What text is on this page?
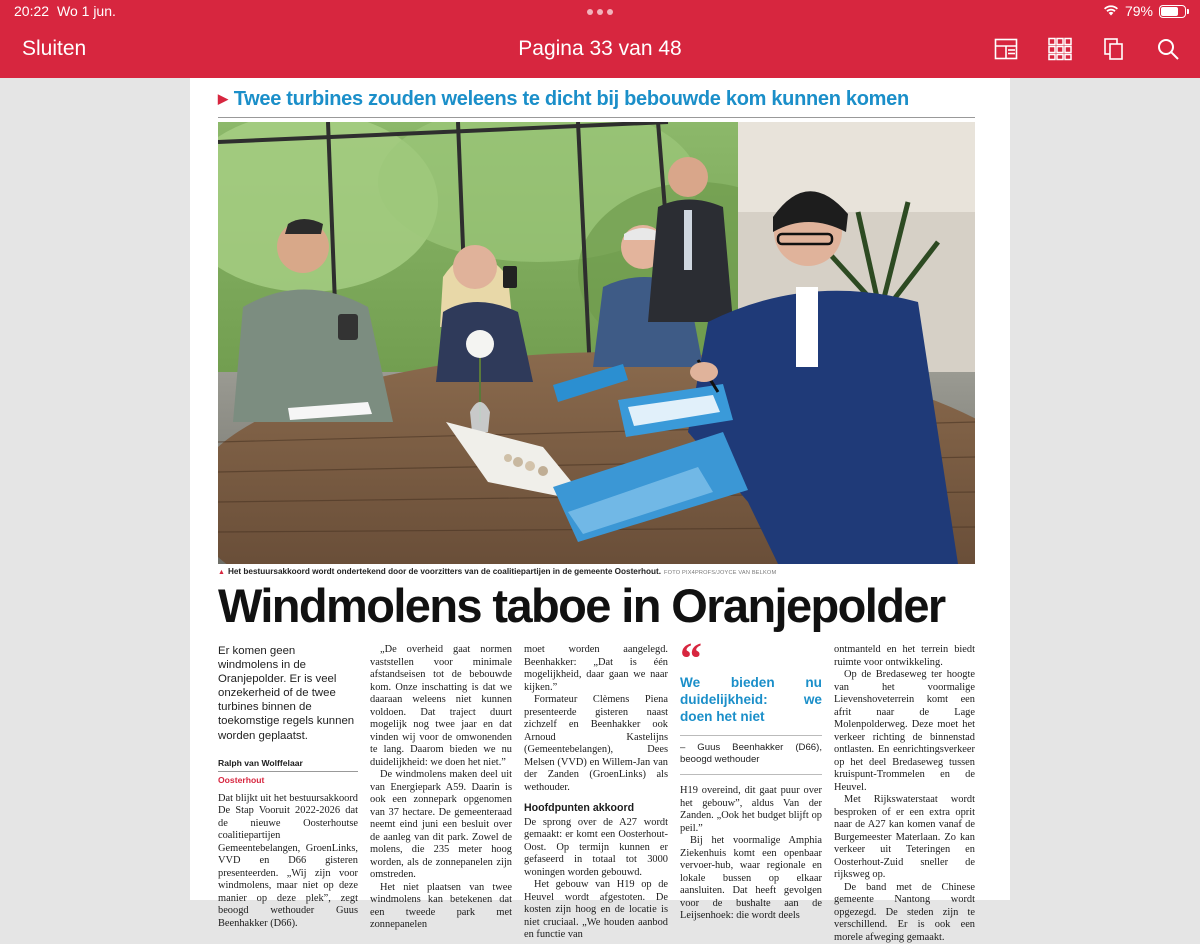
20:22 Wo 1 jun.	79%
Sluiten	Pagina 33 van 48
▶ Twee turbines zouden weleens te dicht bij bebouwde kom kunnen komen
▲ Het bestuursakkoord wordt ondertekend door de voorzitters van de coalitiepartijen in de gemeente Oosterhout. FOTO PIX4PROFS/JOYCE VAN BELKOM
Windmolens taboe in Oranjepolder
Er komen geen windmolens in de Oranjepolder. Er is veel onzekerheid of de twee turbines binnen de toekomstige regels kunnen worden geplaatst.
Ralph van Wolffelaar
Oosterhout

Dat blijkt uit het bestuursakkoord De Stap Vooruit 2022-2026 dat de nieuwe Oosterhoutse coalitiepartijen Gemeentebelangen, GroenLinks, VVD en D66 gisteren presenteerden. „Wij zijn voor windmolens, maar niet op deze manier op deze plek”, zegt beoogd wethouder Guus Beenhakker (D66).

„De overheid gaat normen vaststellen voor minimale afstandseisen tot de bebouwde kom. Onze inschatting is dat we daaraan weleens niet kunnen voldoen. Dat traject duurt mogelijk nog twee jaar en dat vinden wij voor de omwonenden te lang. Daarom bieden we nu duidelijkheid: we doen het niet.”

De windmolens maken deel uit van Energiepark A59. Daarin is ook een zonnepark opgenomen van 37 hectare. De gemeenteraad neemt eind juni een besluit over de aanleg van dit park. Zowel de molens, die 235 meter hoog worden, als de zonnepanelen zijn omstreden.

Het niet plaatsen van twee windmolens kan betekenen dat een tweede park met zonnepanelen

moet worden aangelegd. Beenhakker: „Dat is één mogelijkheid, daar gaan we naar kijken.”

Formateur Clèmens Piena presenteerde gisteren naast zichzelf en Beenhakker ook Arnoud Kastelijns (Gemeentebelangen), Dees Melsen (VVD) en Willem-Jan van der Zanden (GroenLinks) als wethouder.

Hoofdpunten akkoord

De sprong over de A27 wordt gemaakt: er komt een Oosterhout-Oost. Op termijn kunnen er gefaseerd in totaal tot 3000 woningen worden gebouwd.

Het gebouw van H19 op de Heuvel wordt afgestoten. De kosten zijn hoog en de locatie is niet cruciaal. „We houden aanbod en functie van

“
We bieden nu duidelijkheid: we doen het niet
– Guus Beenhakker (D66), beoogd wethouder

H19 overeind, dit gaat puur over het gebouw”, aldus Van der Zanden. „Ook het budget blijft op peil.”

Bij het voormalige Amphia Ziekenhuis komt een openbaar vervoer-hub, waar regionale en lokale bussen op elkaar aansluiten. Dat heeft gevolgen voor de bushalte aan de Leijsenhoek: die wordt deels

ontmanteld en het terrein biedt ruimte voor ontwikkeling.

Op de Bredaseweg ter hoogte van het voormalige Lievenshoveterrein komt een afrit naar de Lage Molenpolderweg. Deze moet het verkeer richting de binnenstad ontlasten. En eenrichtingsverkeer op het deel Bredaseweg tussen kruispunt-Trommelen en de Heuvel.

Met Rijkswaterstaat wordt besproken of er een extra oprit naar de A27 kan komen vanaf de Burgemeester Materlaan. Zo kan verkeer uit Teteringen en Oosterhout-Zuid sneller de rijksweg op.

De band met de Chinese gemeente Nantong wordt opgezegd. De steden zijn te verschillend. Er is ook een morele afweging gemaakt.
